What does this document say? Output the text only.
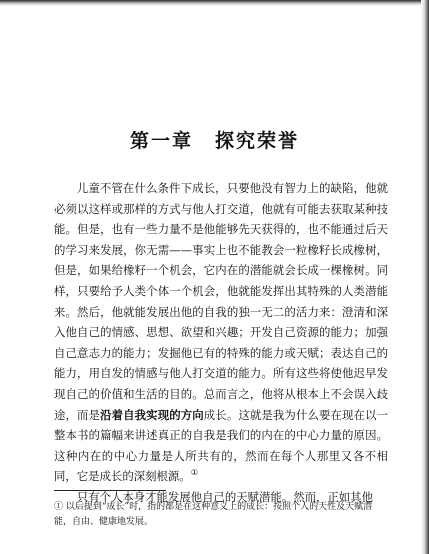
第一章 探究荣誉

儿童不管在什么条件下成长，只要他没有智力上的缺陷，他就必须以这样或那样的方式与他人打交道，他就有可能去获取某种技能。但是，也有一些力量不是他能够先天获得的，也不能通过后天的学习来发展，你无需——事实上也不能教会一粒橡籽长成橡树，但是，如果给橡籽一个机会，它内在的潜能就会长成一棵橡树。同样，只要给予人类个体一个机会，他就能发挥出其特殊的人类潜能来。然后，他就能发展出他的自我的独一无二的活力来：澄清和深入他自己的情感、思想、欲望和兴趣；开发自己资源的能力；加强自己意志力的能力；发掘他已有的特殊的能力或天赋；表达自己的能力，用自发的情感与他人打交道的能力。所有这些将使他迟早发现自己的价值和生活的目的。总而言之，他将从根本上不会误入歧途，而是沿着自我实现的方向成长。这就是我为什么要在现在以一整本书的篇幅来讲述真正的自我是我们的内在的中心力量的原因。这种内在的中心力量是人所共有的，然而在每个人那里又各不相同，它是成长的深刻根源。①

只有个人本身才能发展他自己的天赋潜能。然而，正如其他

① 以后提到“成长”时，指的都是在这种意义上的成长：按照个人的天性及天赋潜能，自由、健康地发展。
